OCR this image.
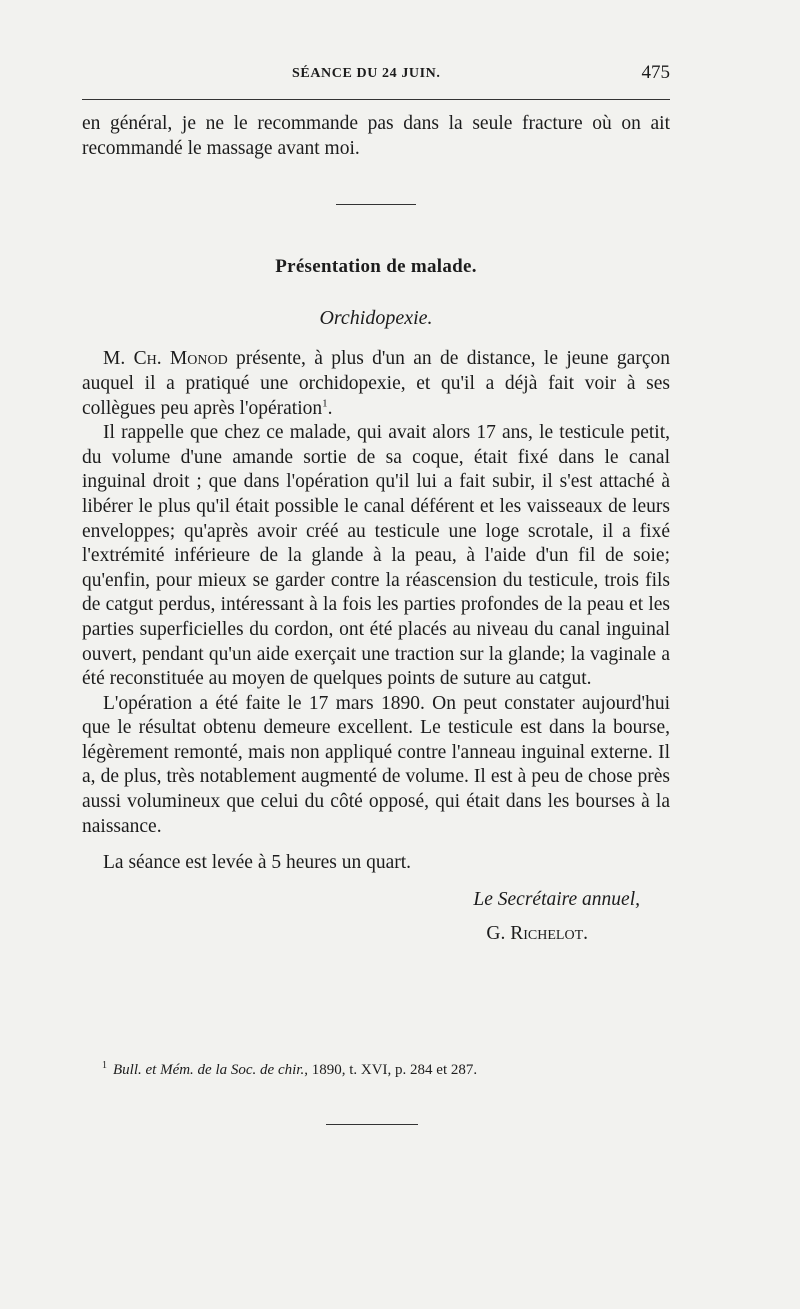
SÉANCE DU 24 JUIN.	475

en général, je ne le recommande pas dans la seule fracture où on ait recommandé le massage avant moi.

Présentation de malade.

Orchidopexie.

M. Ch. Monod présente, à plus d'un an de distance, le jeune garçon auquel il a pratiqué une orchidopexie, et qu'il a déjà fait voir à ses collègues peu après l'opération$^1$.

Il rappelle que chez ce malade, qui avait alors 17 ans, le testicule petit, du volume d'une amande sortie de sa coque, était fixé dans le canal inguinal droit ; que dans l'opération qu'il lui a fait subir, il s'est attaché à libérer le plus qu'il était possible le canal déférent et les vaisseaux de leurs enveloppes; qu'après avoir créé au testicule une loge scrotale, il a fixé l'extrémité inférieure de la glande à la peau, à l'aide d'un fil de soie; qu'enfin, pour mieux se garder contre la réascension du testicule, trois fils de catgut perdus, intéressant à la fois les parties profondes de la peau et les parties superficielles du cordon, ont été placés au niveau du canal inguinal ouvert, pendant qu'un aide exerçait une traction sur la glande; la vaginale a été reconstituée au moyen de quelques points de suture au catgut.

L'opération a été faite le 17 mars 1890. On peut constater aujourd'hui que le résultat obtenu demeure excellent. Le testicule est dans la bourse, légèrement remonté, mais non appliqué contre l'anneau inguinal externe. Il a, de plus, très notablement augmenté de volume. Il est à peu de chose près aussi volumineux que celui du côté opposé, qui était dans les bourses à la naissance.

La séance est levée à 5 heures un quart.

Le Secrétaire annuel,

G. Richelot.

$^1$ Bull. et Mém. de la Soc. de chir., 1890, t. XVI, p. 284 et 287.
